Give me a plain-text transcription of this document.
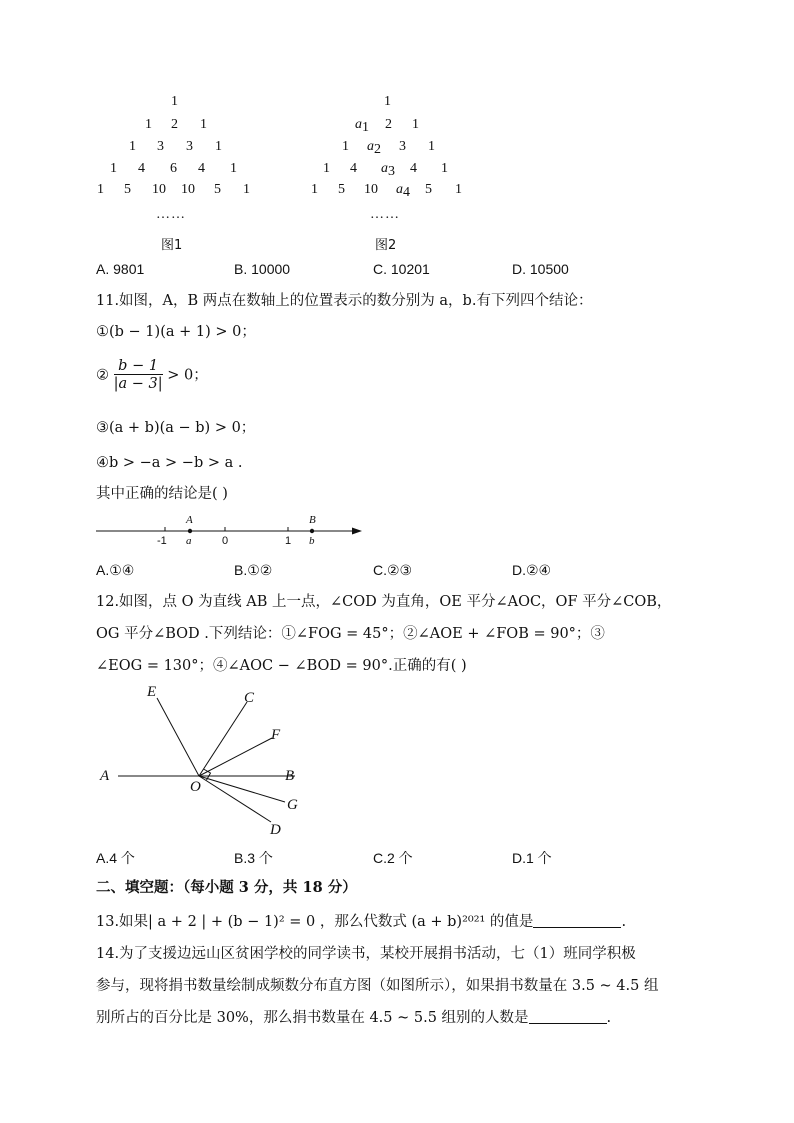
1
1 2 1
1 3 3 1
1 4 6 4 1
1 5 10 10 5 1
……
图1
1
a1 2 1
1 a2 3 1
1 4 a3 4 1
1 5 10 a4 5 1
……
图2
A. 9801	B. 10000	C. 10201	D. 10500
11.如图，A，B 两点在数轴上的位置表示的数分别为 a，b.有下列四个结论：
①(b − 1)(a + 1) > 0；
② $\frac{b - 1}{|a - 3|} > 0$；
③(a + b)(a − b) > 0；
④b > −a > −b > a .
其中正确的结论是( )
A	B
-1 a	0	1 b
A.①④	B.①②	C.②③	D.②④
12.如图，点 O 为直线 AB 上一点，∠COD 为直角，OE 平分∠AOC，OF 平分∠COB，
OG 平分∠BOD .下列结论：①∠FOG = 45°；②∠AOE + ∠FOB = 90°；③
∠EOG = 130°；④∠AOC − ∠BOD = 90°.正确的有( )
E	C
F
A
O
B
G
D
A.4 个	B.3 个	C.2 个	D.1 个
二、填空题：（每小题 3 分，共 18 分）
13.如果| a + 2 | + (b − 1)² = 0 ，那么代数式 (a + b)²⁰²¹ 的值是	.
14.为了支援边远山区贫困学校的同学读书，某校开展捐书活动，七（1）班同学积极
参与，现将捐书数量绘制成频数分布直方图（如图所示），如果捐书数量在 3.5 ~ 4.5 组
别所占的百分比是 30%，那么捐书数量在 4.5 ~ 5.5 组别的人数是	.
